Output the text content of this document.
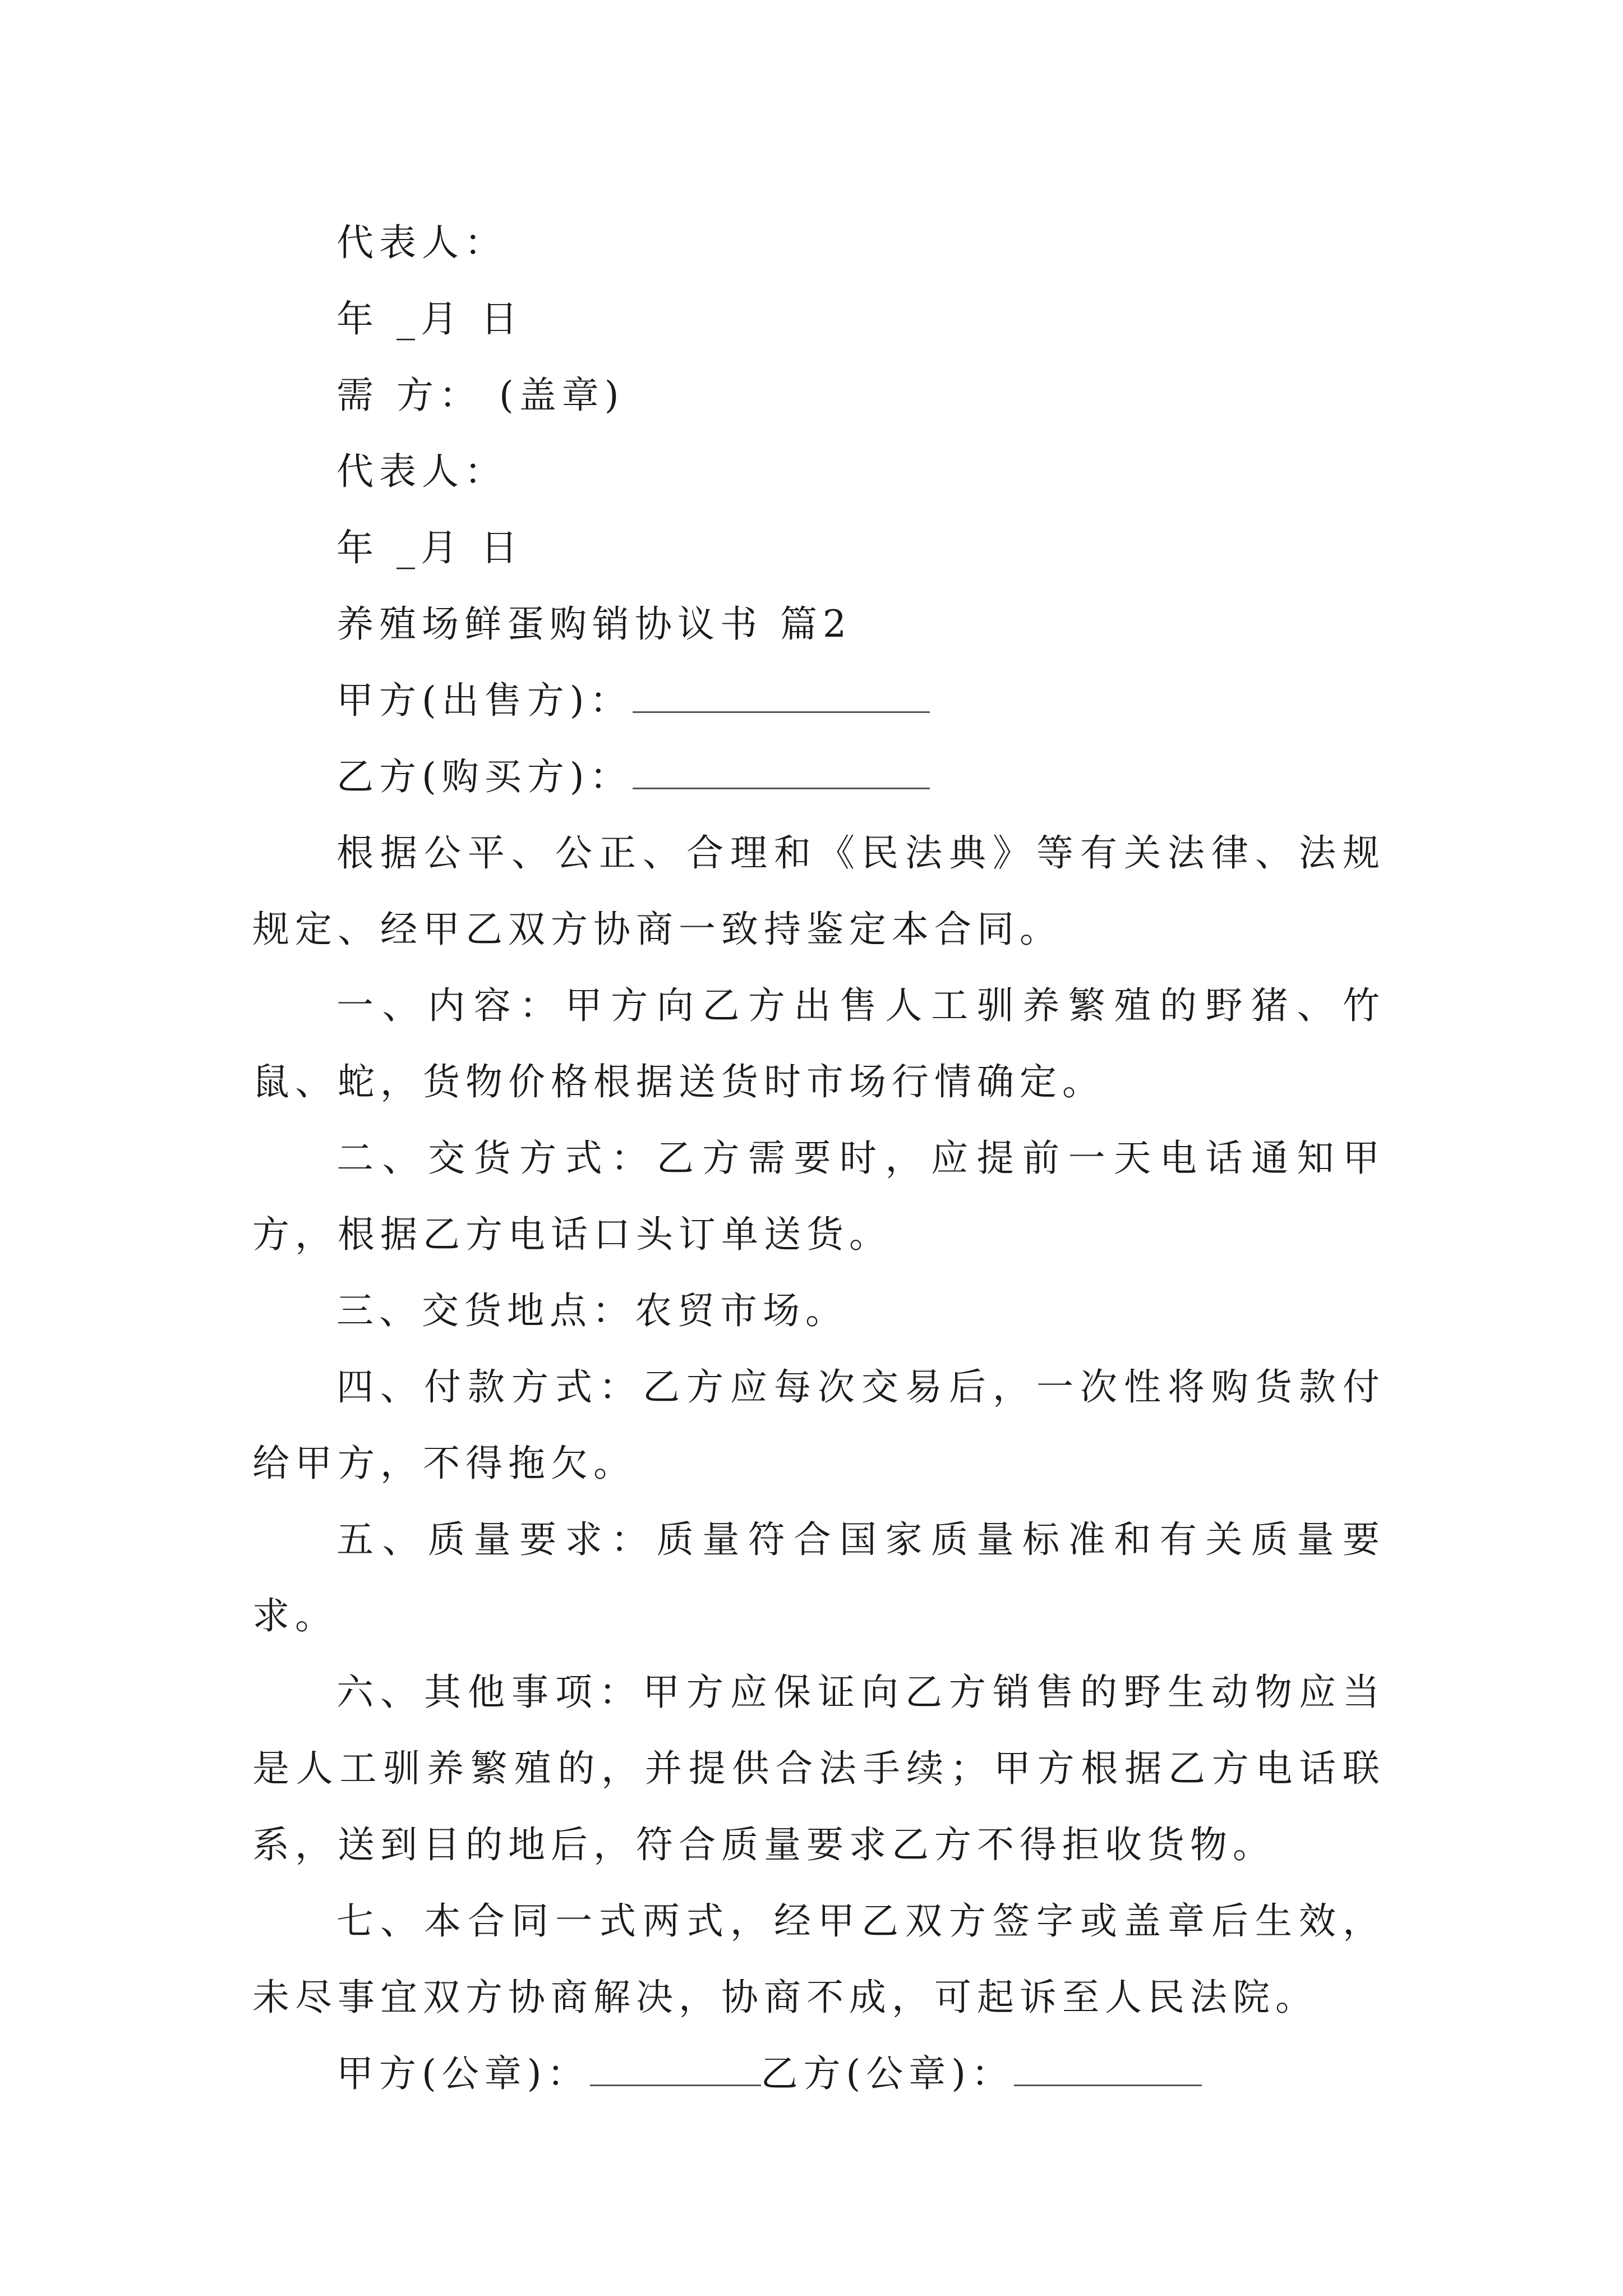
代表人：
年 _月 日
需 方： (盖章)
代表人：
年 _月 日
养殖场鲜蛋购销协议书 篇2
甲方(出售方)：
乙方(购买方)：
根据公平、公正、合理和《民法典》等有关法律、法规规定、经甲乙双方协商一致持鉴定本合同。
一、内容：甲方向乙方出售人工驯养繁殖的野猪、竹鼠、蛇，货物价格根据送货时市场行情确定。
二、交货方式：乙方需要时，应提前一天电话通知甲方，根据乙方电话口头订单送货。
三、交货地点：农贸市场。
四、付款方式：乙方应每次交易后，一次性将购货款付给甲方，不得拖欠。
五、质量要求：质量符合国家质量标准和有关质量要求。
六、其他事项：甲方应保证向乙方销售的野生动物应当是人工驯养繁殖的，并提供合法手续；甲方根据乙方电话联系，送到目的地后，符合质量要求乙方不得拒收货物。
七、本合同一式两式，经甲乙双方签字或盖章后生效，未尽事宜双方协商解决，协商不成，可起诉至人民法院。
甲方(公章)：	乙方(公章)：
